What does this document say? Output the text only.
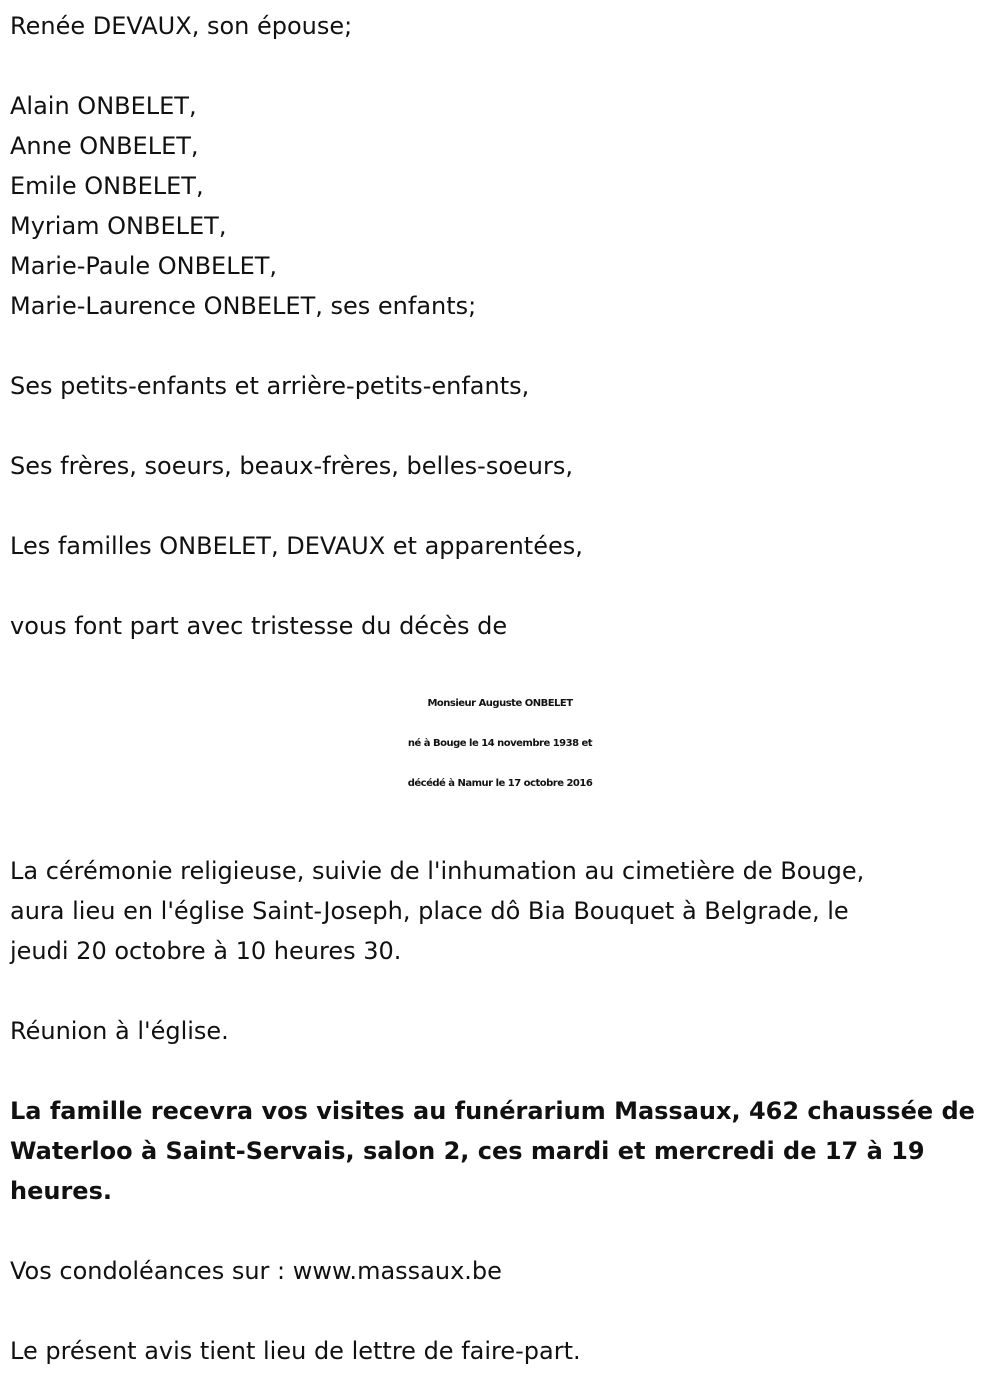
Renée DEVAUX, son épouse;
Alain ONBELET,
Anne ONBELET,
Emile ONBELET,
Myriam ONBELET,
Marie-Paule ONBELET,
Marie-Laurence ONBELET, ses enfants;
Ses petits-enfants et arrière-petits-enfants,
Ses frères, soeurs, beaux-frères, belles-soeurs,
Les familles ONBELET, DEVAUX et apparentées,
vous font part avec tristesse du décès de
Monsieur Auguste ONBELET
né à Bouge le 14 novembre 1938 et
décédé à Namur le 17 octobre 2016
La cérémonie religieuse, suivie de l'inhumation au cimetière de Bouge,
aura lieu en l'église Saint-Joseph, place dô Bia Bouquet à Belgrade, le
jeudi 20 octobre à 10 heures 30.
Réunion à l'église.
La famille recevra vos visites au funérarium Massaux, 462 chaussée de
Waterloo à Saint-Servais, salon 2, ces mardi et mercredi de 17 à 19
heures.
Vos condoléances sur : www.massaux.be
Le présent avis tient lieu de lettre de faire-part.
